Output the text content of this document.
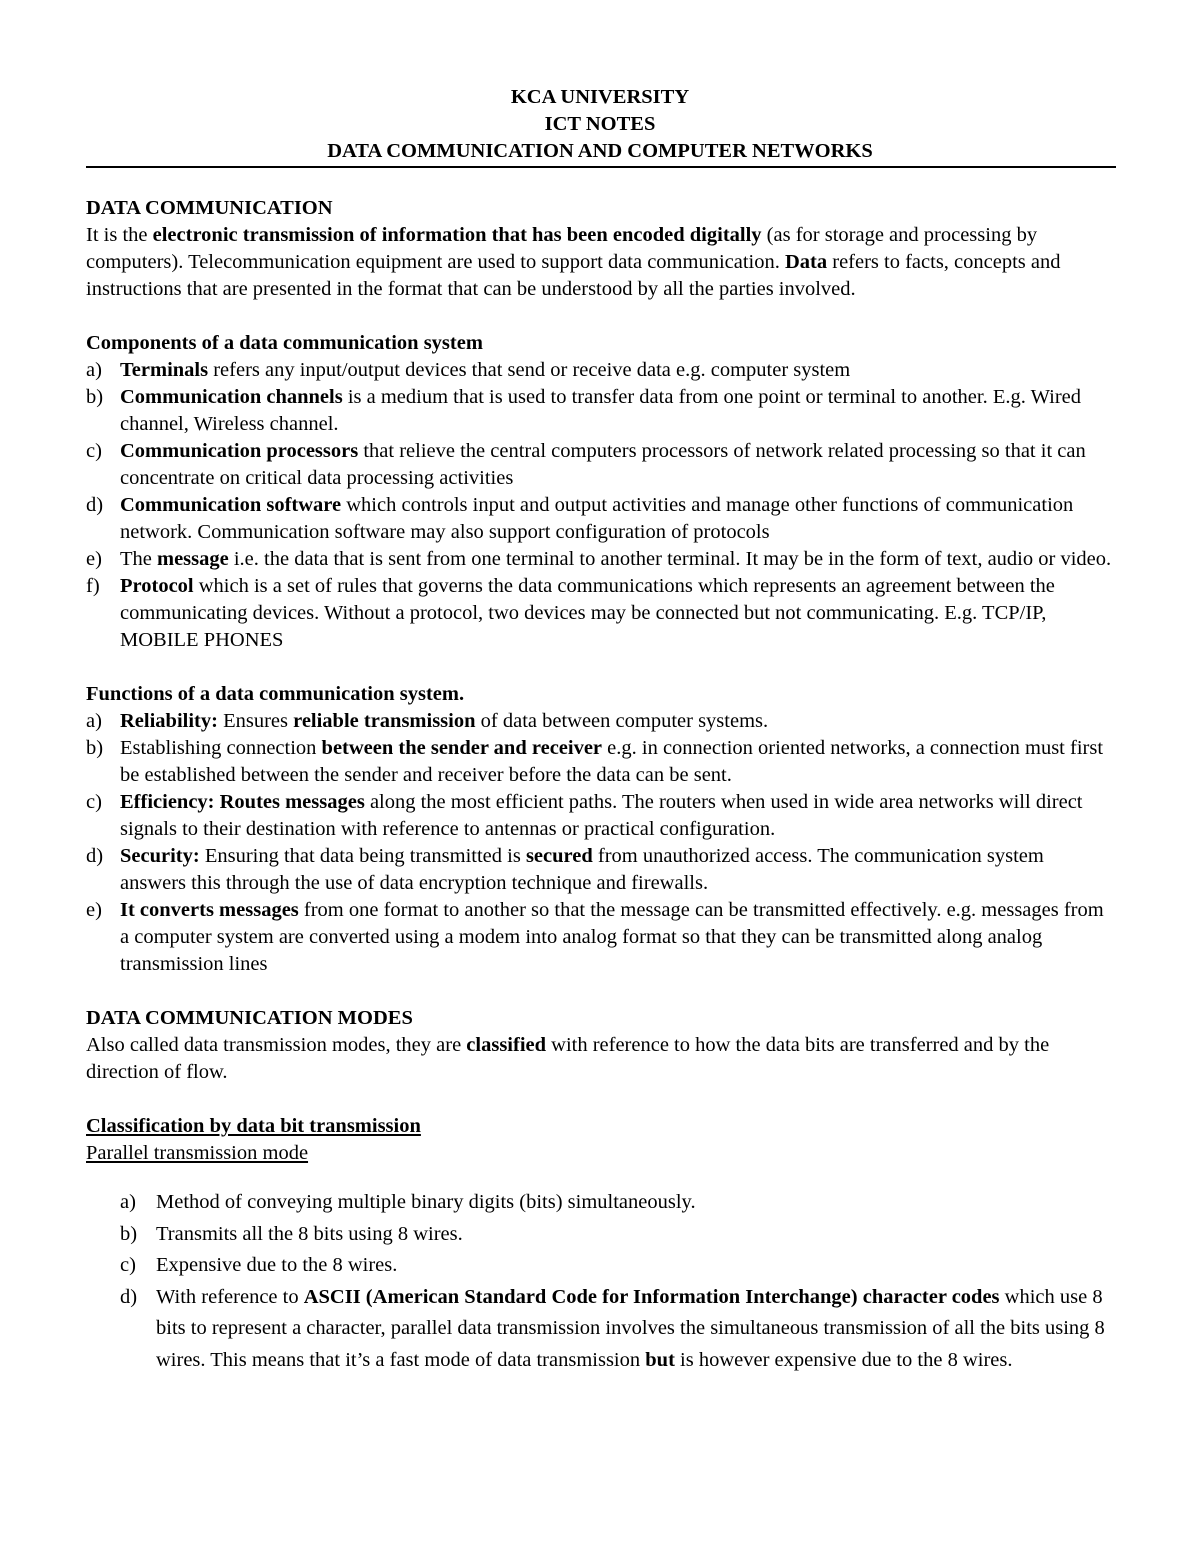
KCA UNIVERSITY
ICT NOTES
DATA COMMUNICATION AND COMPUTER NETWORKS

DATA COMMUNICATION

It is the electronic transmission of information that has been encoded digitally (as for storage and processing by computers). Telecommunication equipment are used to support data communication. Data refers to facts, concepts and instructions that are presented in the format that can be understood by all the parties involved.

Components of a data communication system

a) Terminals refers any input/output devices that send or receive data e.g. computer system
b) Communication channels is a medium that is used to transfer data from one point or terminal to another. E.g. Wired channel, Wireless channel.
c) Communication processors that relieve the central computers processors of network related processing so that it can concentrate on critical data processing activities
d) Communication software which controls input and output activities and manage other functions of communication network. Communication software may also support configuration of protocols
e) The message i.e. the data that is sent from one terminal to another terminal. It may be in the form of text, audio or video.
f) Protocol which is a set of rules that governs the data communications which represents an agreement between the communicating devices. Without a protocol, two devices may be connected but not communicating. E.g. TCP/IP, MOBILE PHONES

Functions of a data communication system.

a) Reliability: Ensures reliable transmission of data between computer systems.
b) Establishing connection between the sender and receiver e.g. in connection oriented networks, a connection must first be established between the sender and receiver before the data can be sent.
c) Efficiency: Routes messages along the most efficient paths. The routers when used in wide area networks will direct signals to their destination with reference to antennas or practical configuration.
d) Security: Ensuring that data being transmitted is secured from unauthorized access. The communication system answers this through the use of data encryption technique and firewalls.
e) It converts messages from one format to another so that the message can be transmitted effectively. e.g. messages from a computer system are converted using a modem into analog format so that they can be transmitted along analog transmission lines

DATA COMMUNICATION MODES

Also called data transmission modes, they are classified with reference to how the data bits are transferred and by the direction of flow.

Classification by data bit transmission

Parallel transmission mode

a) Method of conveying multiple binary digits (bits) simultaneously.
b) Transmits all the 8 bits using 8 wires.
c) Expensive due to the 8 wires.
d) With reference to ASCII (American Standard Code for Information Interchange) character codes which use 8 bits to represent a character, parallel data transmission involves the simultaneous transmission of all the bits using 8 wires. This means that it’s a fast mode of data transmission but is however expensive due to the 8 wires.
